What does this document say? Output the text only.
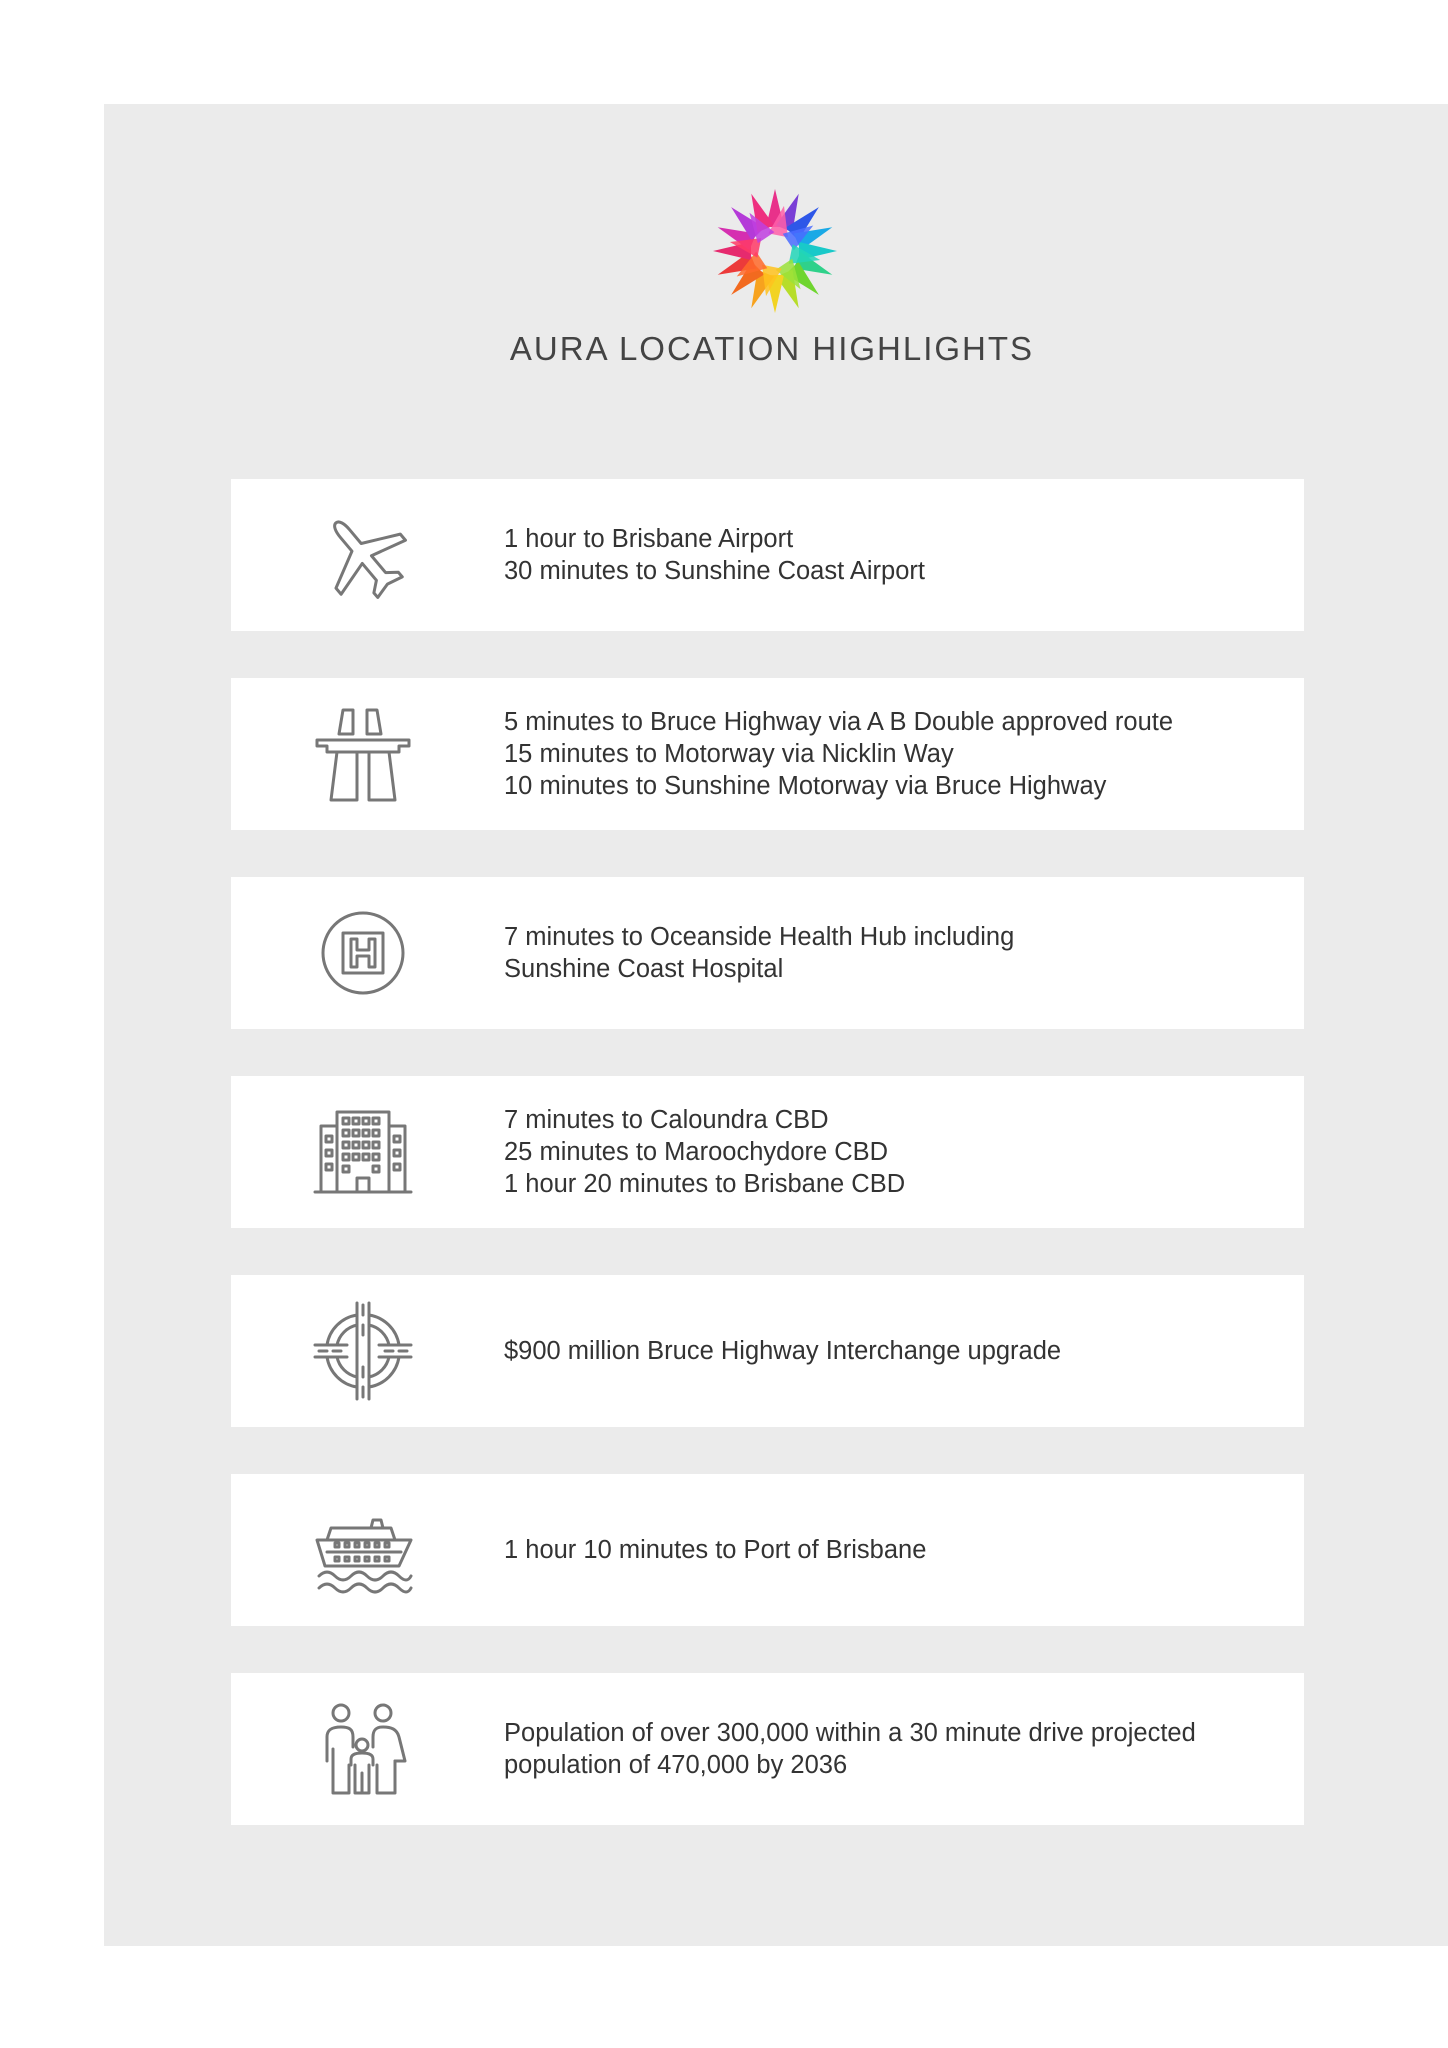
AURA LOCATION HIGHLIGHTS
1 hour to Brisbane Airport
30 minutes to Sunshine Coast Airport
5 minutes to Bruce Highway via A B Double approved route
15 minutes to Motorway via Nicklin Way
10 minutes to Sunshine Motorway via Bruce Highway
7 minutes to Oceanside Health Hub including
Sunshine Coast Hospital
7 minutes to Caloundra CBD
25 minutes to Maroochydore CBD
1 hour 20 minutes to Brisbane CBD
$900 million Bruce Highway Interchange upgrade
1 hour 10 minutes to Port of Brisbane
Population of over 300,000 within a 30 minute drive projected
population of 470,000 by 2036
